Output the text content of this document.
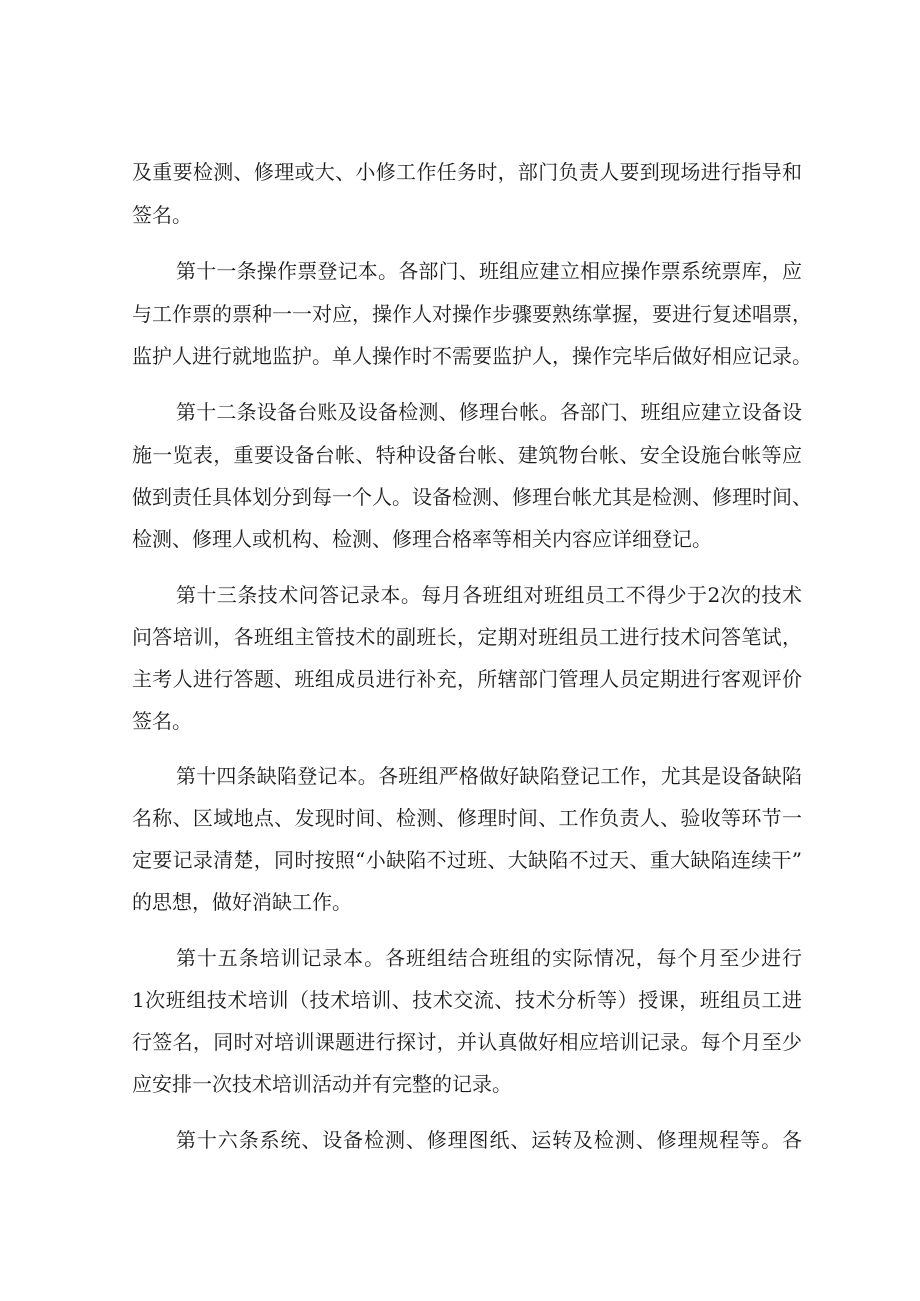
及重要检测、修理或大、小修工作任务时，部门负责人要到现场进行指导和
签名。
第十一条操作票登记本。各部门、班组应建立相应操作票系统票库，应
与工作票的票种一一对应，操作人对操作步骤要熟练掌握，要进行复述唱票，
监护人进行就地监护。单人操作时不需要监护人，操作完毕后做好相应记录。
第十二条设备台账及设备检测、修理台帐。各部门、班组应建立设备设
施一览表，重要设备台帐、特种设备台帐、建筑物台帐、安全设施台帐等应
做到责任具体划分到每一个人。设备检测、修理台帐尤其是检测、修理时间、
检测、修理人或机构、检测、修理合格率等相关内容应详细登记。
第十三条技术问答记录本。每月各班组对班组员工不得少于2次的技术
问答培训，各班组主管技术的副班长，定期对班组员工进行技术问答笔试，
主考人进行答题、班组成员进行补充，所辖部门管理人员定期进行客观评价
签名。
第十四条缺陷登记本。各班组严格做好缺陷登记工作，尤其是设备缺陷
名称、区域地点、发现时间、检测、修理时间、工作负责人、验收等环节一
定要记录清楚，同时按照“小缺陷不过班、大缺陷不过天、重大缺陷连续干”
的思想，做好消缺工作。
第十五条培训记录本。各班组结合班组的实际情况，每个月至少进行
1次班组技术培训（技术培训、技术交流、技术分析等）授课，班组员工进
行签名，同时对培训课题进行探讨，并认真做好相应培训记录。每个月至少
应安排一次技术培训活动并有完整的记录。
第十六条系统、设备检测、修理图纸、运转及检测、修理规程等。各
